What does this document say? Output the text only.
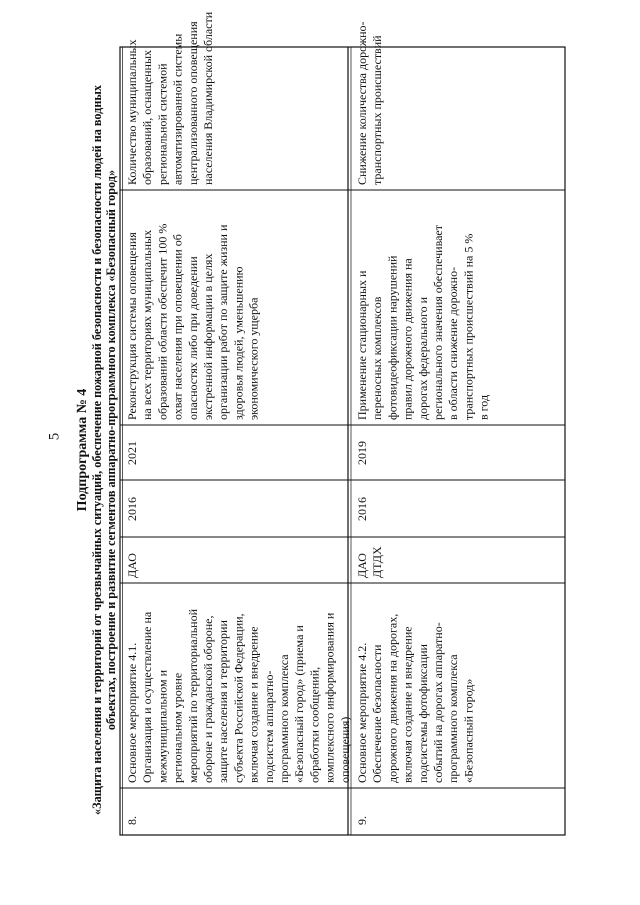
5 Подпрограмма № 4 «Защита населения и территорий от чрезвычайных ситуаций, обеспечение пожарной безопасности и безопасности людей на водных объектах, построение и развитие сегментов аппаратно-программного комплекса «Безопасный город»
8.
Основное мероприятие 4.1.Организация и осуществление намежмуниципальном ирегиональном уровнемероприятий по территориальнойобороне и гражданской обороне,защите населения и территориисубъекта Российской Федерации,включая создание и внедрениеподсистем аппаратно-программного комплекса«Безопасный город» (приема иобработки сообщений,комплексного информирования иоповещения)
ДАО
2016
2021
Реконструкция системы оповещенияна всех территориях муниципальныхобразований области обеспечит 100 %охват населения при оповещении обопасностях либо при доведенииэкстренной информации в целяхорганизации работ по защите жизни издоровья людей, уменьшениюэкономического ущерба
Количество муниципальныхобразований, оснащенныхрегиональной системойавтоматизированной системыцентрализованного оповещениянаселения Владимирской области
9.
Основное мероприятие 4.2.Обеспечение безопасностидорожного движения на дорогах,включая создание и внедрениеподсистемы фотофиксациисобытий на дорогах аппаратно-программного комплекса«Безопасный город»
ДАОДТДХ
2016
2019
Применение стационарных ипереносных комплексовфотовидеофиксации нарушенийправил дорожного движения надорогах федерального ирегионального значения обеспечиваетв области снижение дорожно-транспортных происшествий на 5 %в год
Снижение количества дорожно-транспортных происшествий
